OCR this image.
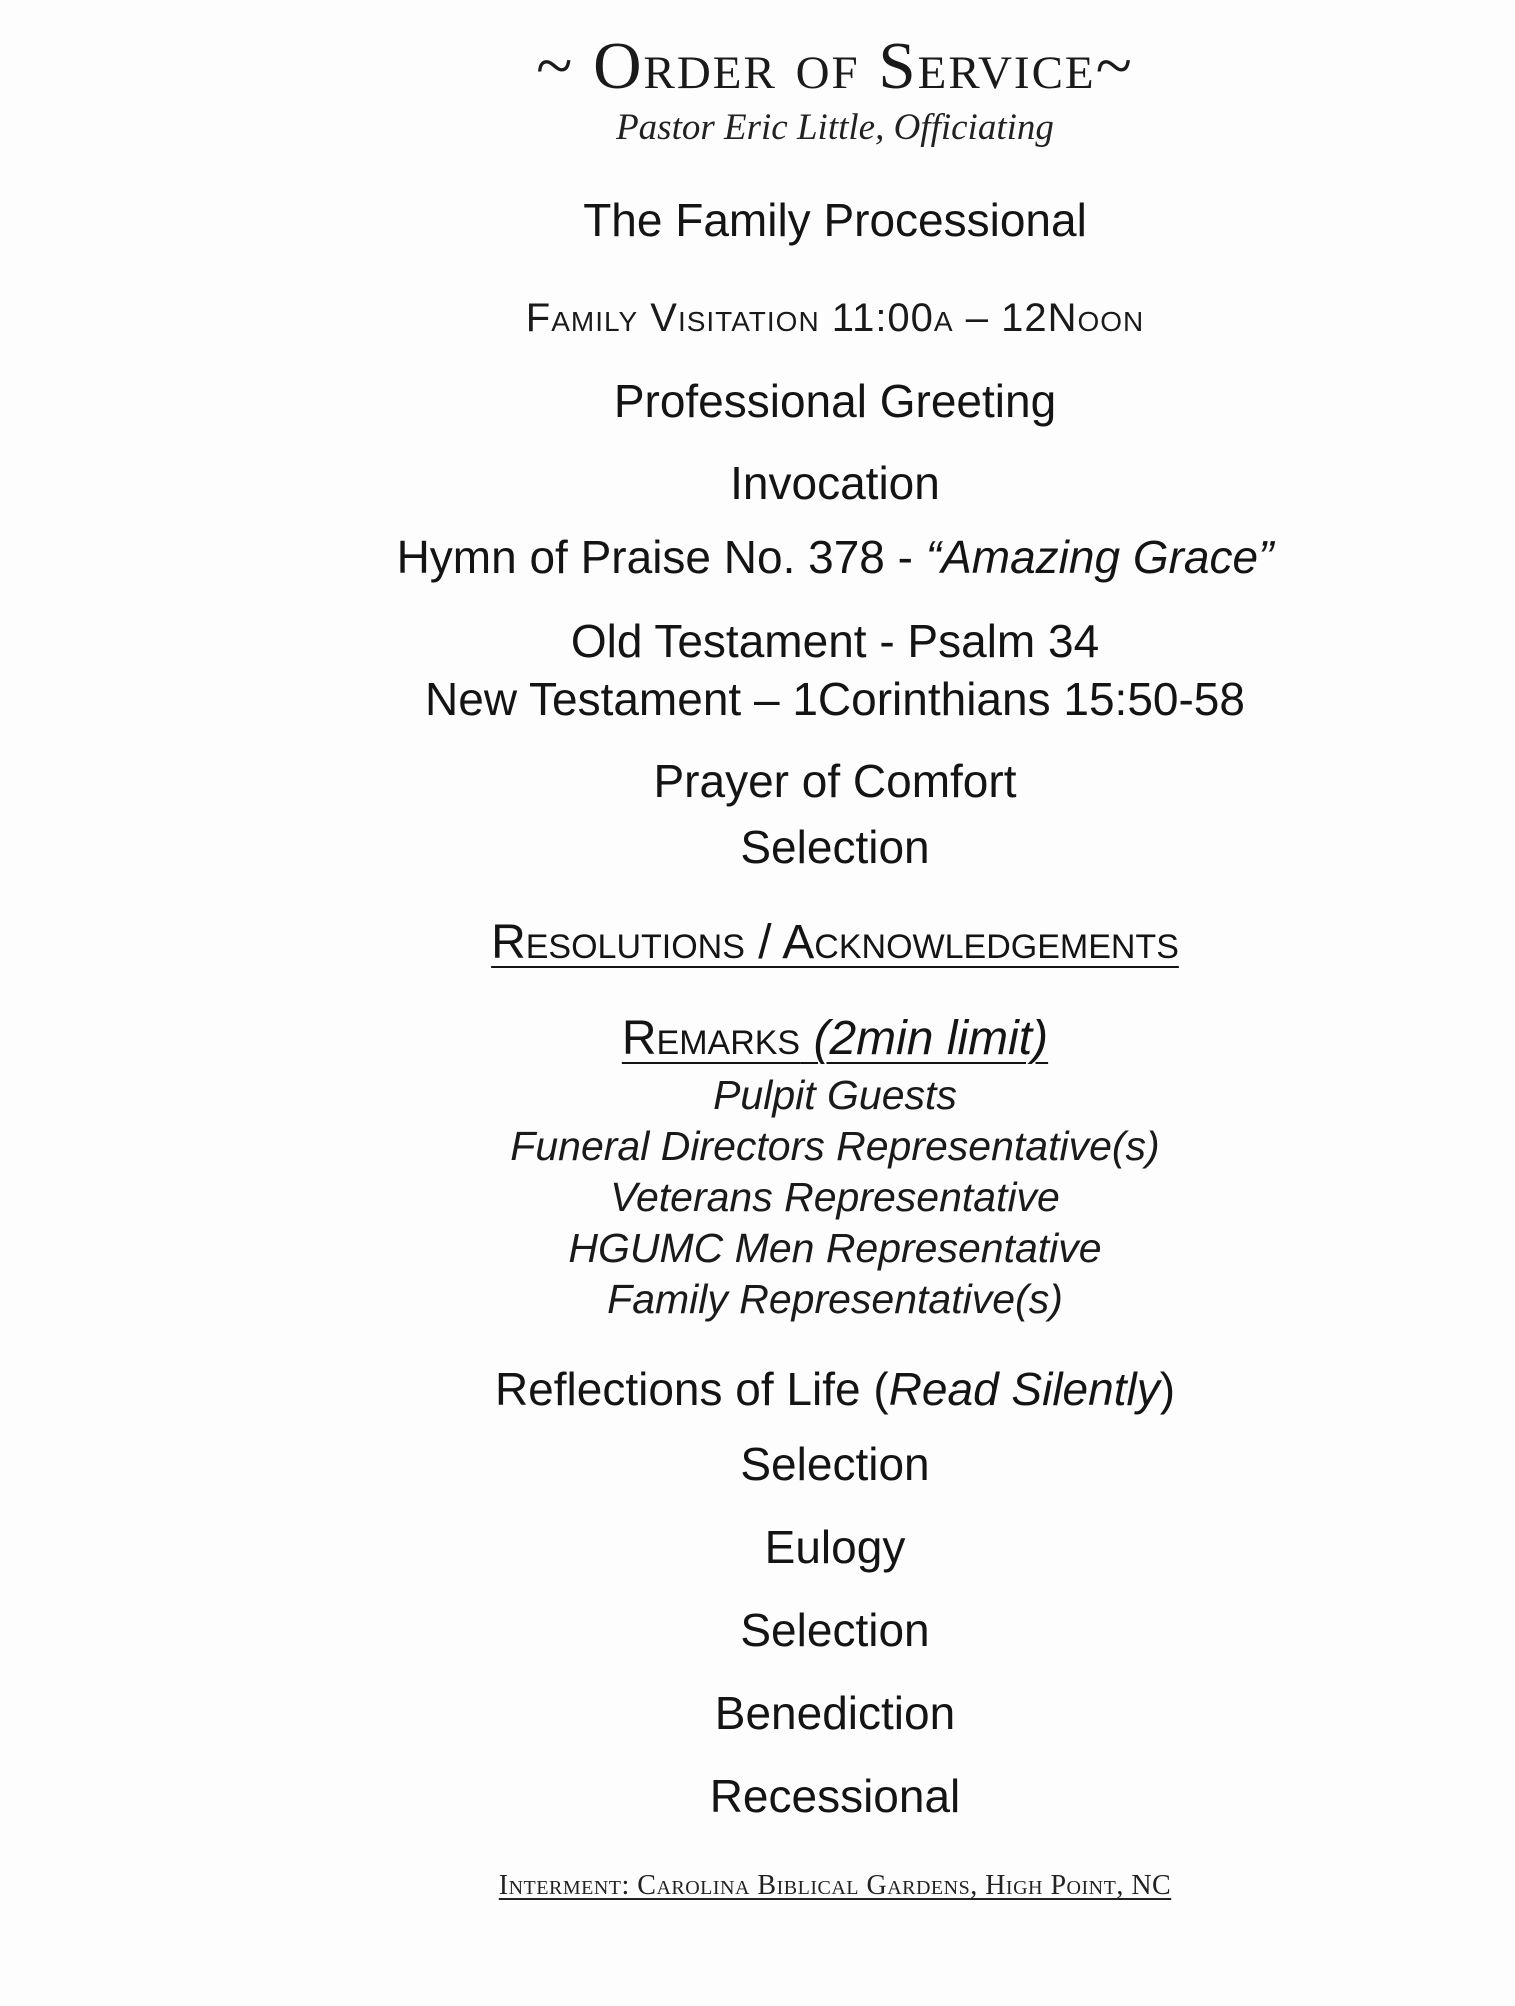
~ Order of Service~

Pastor Eric Little, Officiating

The Family Processional

Family Visitation 11:00a – 12Noon

Professional Greeting

Invocation

Hymn of Praise No. 378 - “Amazing Grace”

Old Testament - Psalm 34

New Testament – 1Corinthians 15:50-58

Prayer of Comfort

Selection

Resolutions / Acknowledgements

Remarks (2min limit)

Pulpit Guests

Funeral Directors Representative(s)

Veterans Representative

HGUMC Men Representative

Family Representative(s)

Reflections of Life (Read Silently)

Selection

Eulogy

Selection

Benediction

Recessional

Interment: Carolina Biblical Gardens, High Point, NC
